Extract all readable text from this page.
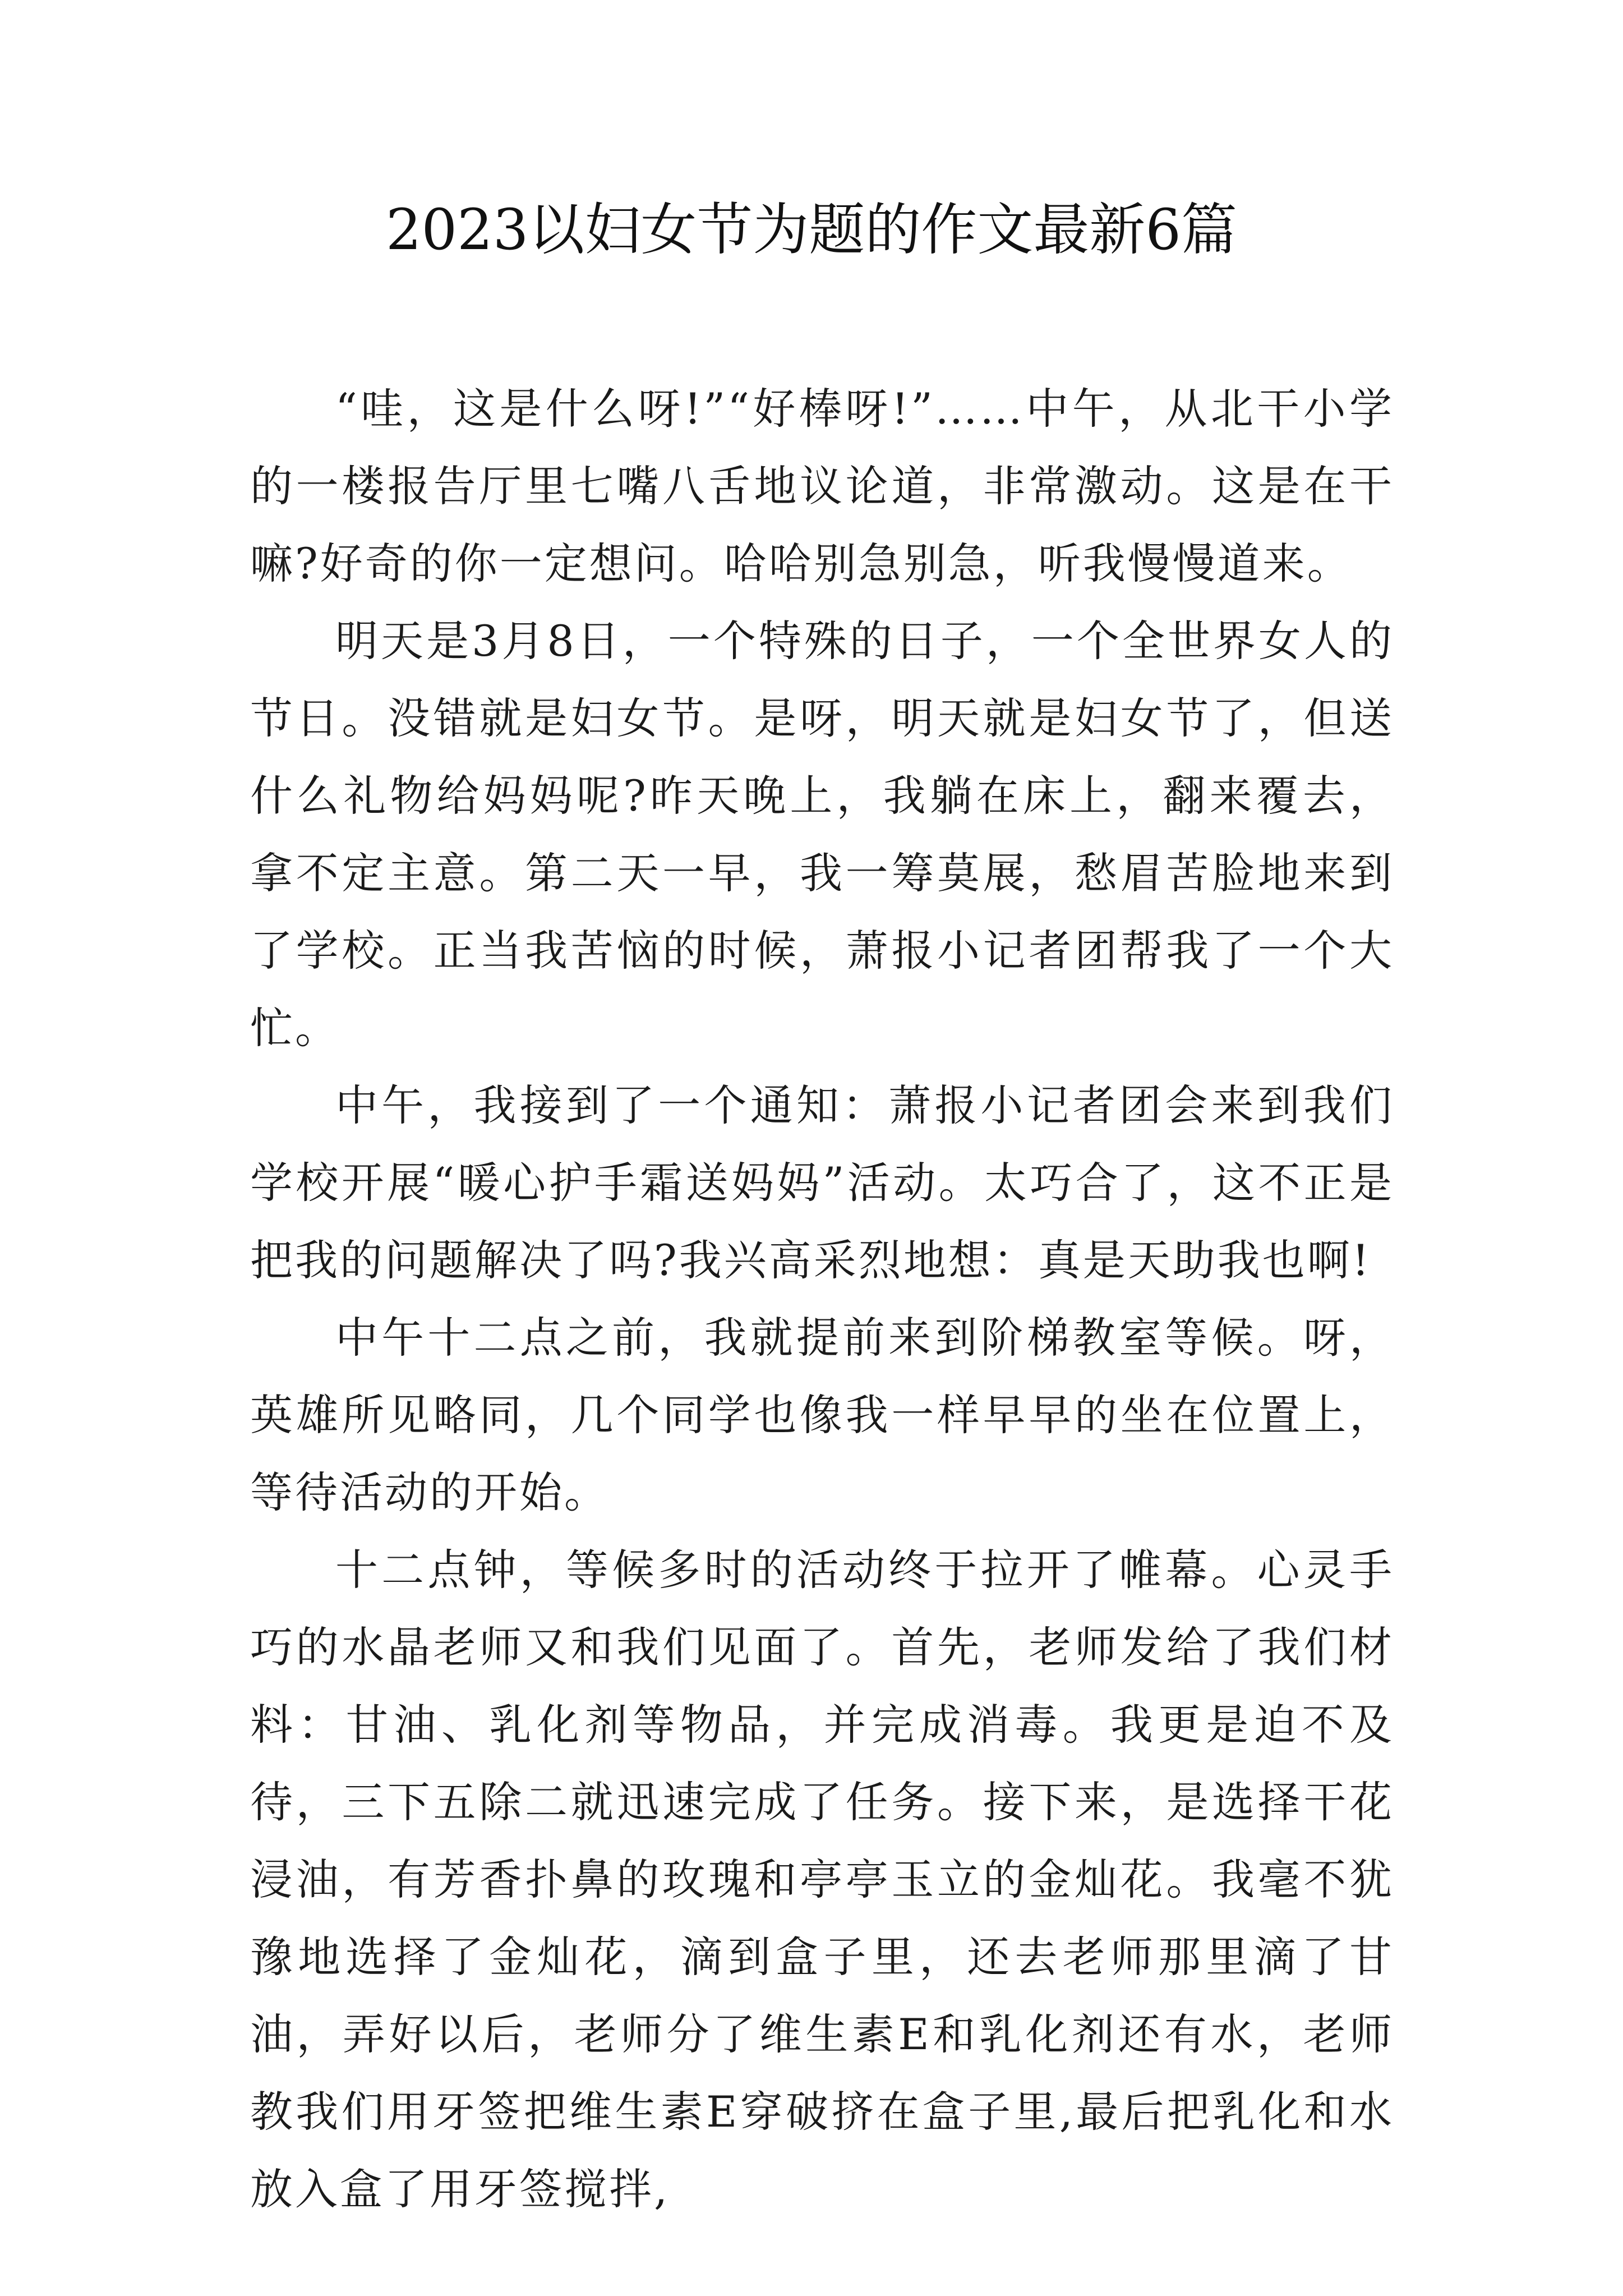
2023以妇女节为题的作文最新6篇

“哇，这是什么呀!”“好棒呀!”……中午，从北干小学的一楼报告厅里七嘴八舌地议论道，非常激动。这是在干嘛?好奇的你一定想问。哈哈别急别急，听我慢慢道来。

明天是3月8日，一个特殊的日子，一个全世界女人的节日。没错就是妇女节。是呀，明天就是妇女节了，但送什么礼物给妈妈呢?昨天晚上，我躺在床上，翻来覆去，拿不定主意。第二天一早，我一筹莫展，愁眉苦脸地来到了学校。正当我苦恼的时候，萧报小记者团帮我了一个大忙。

中午，我接到了一个通知：萧报小记者团会来到我们学校开展“暖心护手霜送妈妈”活动。太巧合了，这不正是把我的问题解决了吗?我兴高采烈地想：真是天助我也啊!

中午十二点之前，我就提前来到阶梯教室等候。呀，英雄所见略同，几个同学也像我一样早早的坐在位置上，等待活动的开始。

十二点钟，等候多时的活动终于拉开了帷幕。心灵手巧的水晶老师又和我们见面了。首先，老师发给了我们材料：甘油、乳化剂等物品，并完成消毒。我更是迫不及待，三下五除二就迅速完成了任务。接下来，是选择干花浸油，有芳香扑鼻的玫瑰和亭亭玉立的金灿花。我毫不犹豫地选择了金灿花，滴到盒子里，还去老师那里滴了甘油，弄好以后，老师分了维生素E和乳化剂还有水，老师教我们用牙签把维生素E穿破挤在盒子里,最后把乳化和水放入盒了用牙签搅拌,
